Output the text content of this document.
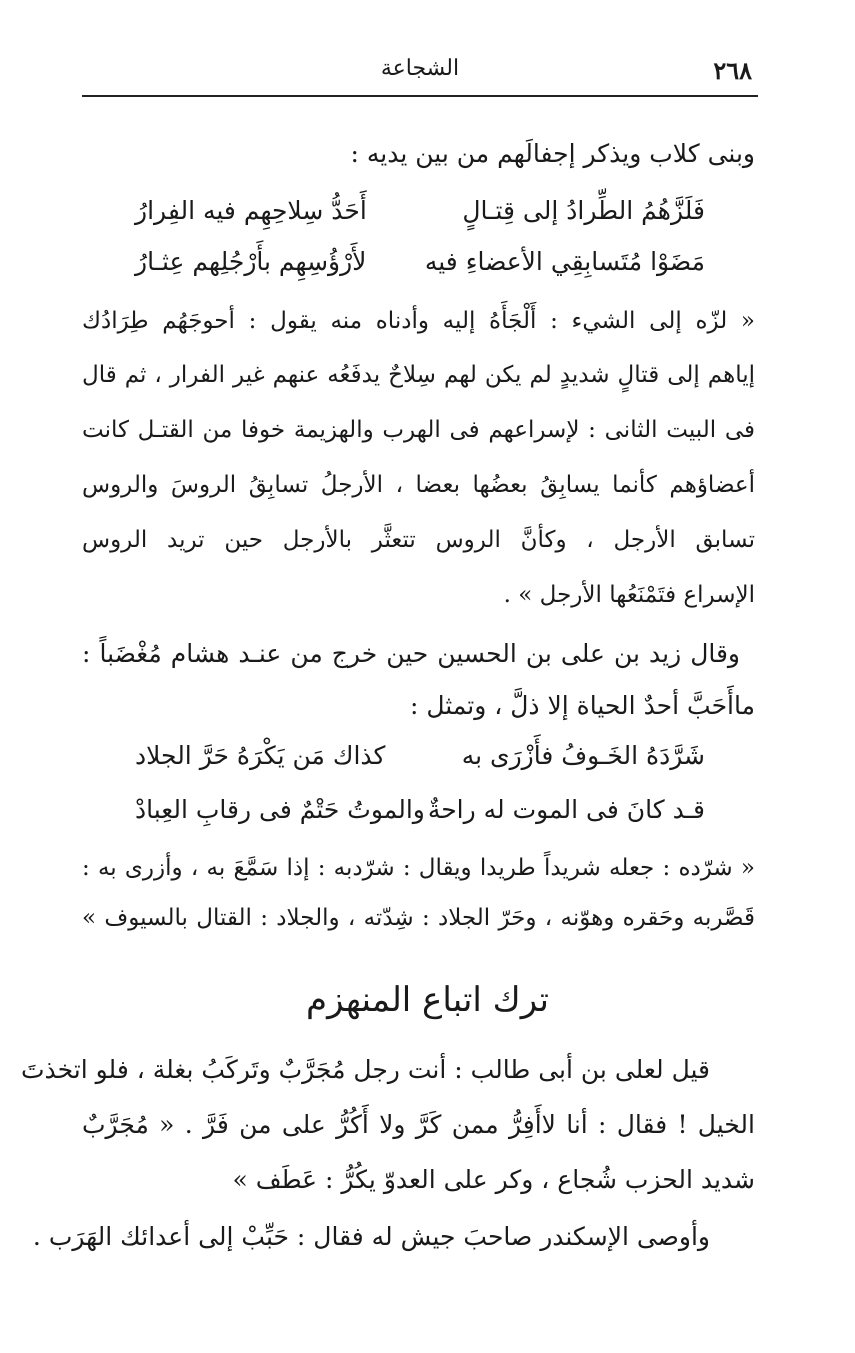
٢٦٨
الشجاعة
وبنى كلاب ويذكر إجفالَهم من بين يديه :
فَلَزَّهُمُ الطِّرادُ إلى قِتـالٍ
أَحَدُّ سِلاحِهِم فيه الفِرارُ
مَضَوْا مُتَسابِقِي الأعضاءِ فيه
لأَرْؤُسِهِم بأَرْجُلِهم عِثـارُ
« لزّه إلى الشيء : أَلْجَأَهُ إليه وأدناه منه يقول : أحوجَهُم طِرَادُك
إياهم إلى قتالٍ شديدٍ لم يكن لهم سِلاحٌ يدفَعُه عنهم غير الفرار ، ثم قال
فى البيت الثانى : لإسراعهم فى الهرب والهزيمة خوفا من القتـل كانت
أعضاؤهم كأنما يسابِقُ بعضُها بعضا ، الأرجلُ تسابِقُ الروسَ والروس
تسابق الأرجل ، وكأنَّ الروس تتعثَّر بالأرجل حين تريد الروس
الإسراع فتَمْنَعُها الأرجل » .
وقال زيد بن على بن الحسين حين خرج من عنـد هشام مُغْضَباً :
ماأَحَبَّ أحدٌ الحياة إلا ذلَّ ، وتمثل :
شَرَّدَهُ الخَـوفُ فأَزْرَى به
كذاك مَن يَكْرَهُ حَرَّ الجلاد
قـد كانَ فى الموت له راحةٌ
والموتُ حَتْمٌ فى رقابِ العِبادْ
« شرّده : جعله شريداً طريدا ويقال : شرّدبه : إذا سَمَّعَ به ، وأزرى به :
قَصَّربه وحَقره وهوّنه ، وحَرّ الجلاد : شِدّته ، والجلاد : القتال بالسيوف »
ترك اتباع المنهزم
قيل لعلى بن أبى طالب : أنت رجل مُجَرَّبٌ وتَركَبُ بغلة ، فلو اتخذتَ
الخيل ! فقال : أنا لاأَفِرُّ ممن كَرَّ ولا أَكُرُّ على من فَرَّ . « مُجَرَّبٌ
شديد الحزب شُجاع ، وكر على العدوّ يكُرُّ : عَطَف »
وأوصى الإسكندر صاحبَ جيش له فقال : حَبِّبْ إلى أعدائك الهَرَب .
